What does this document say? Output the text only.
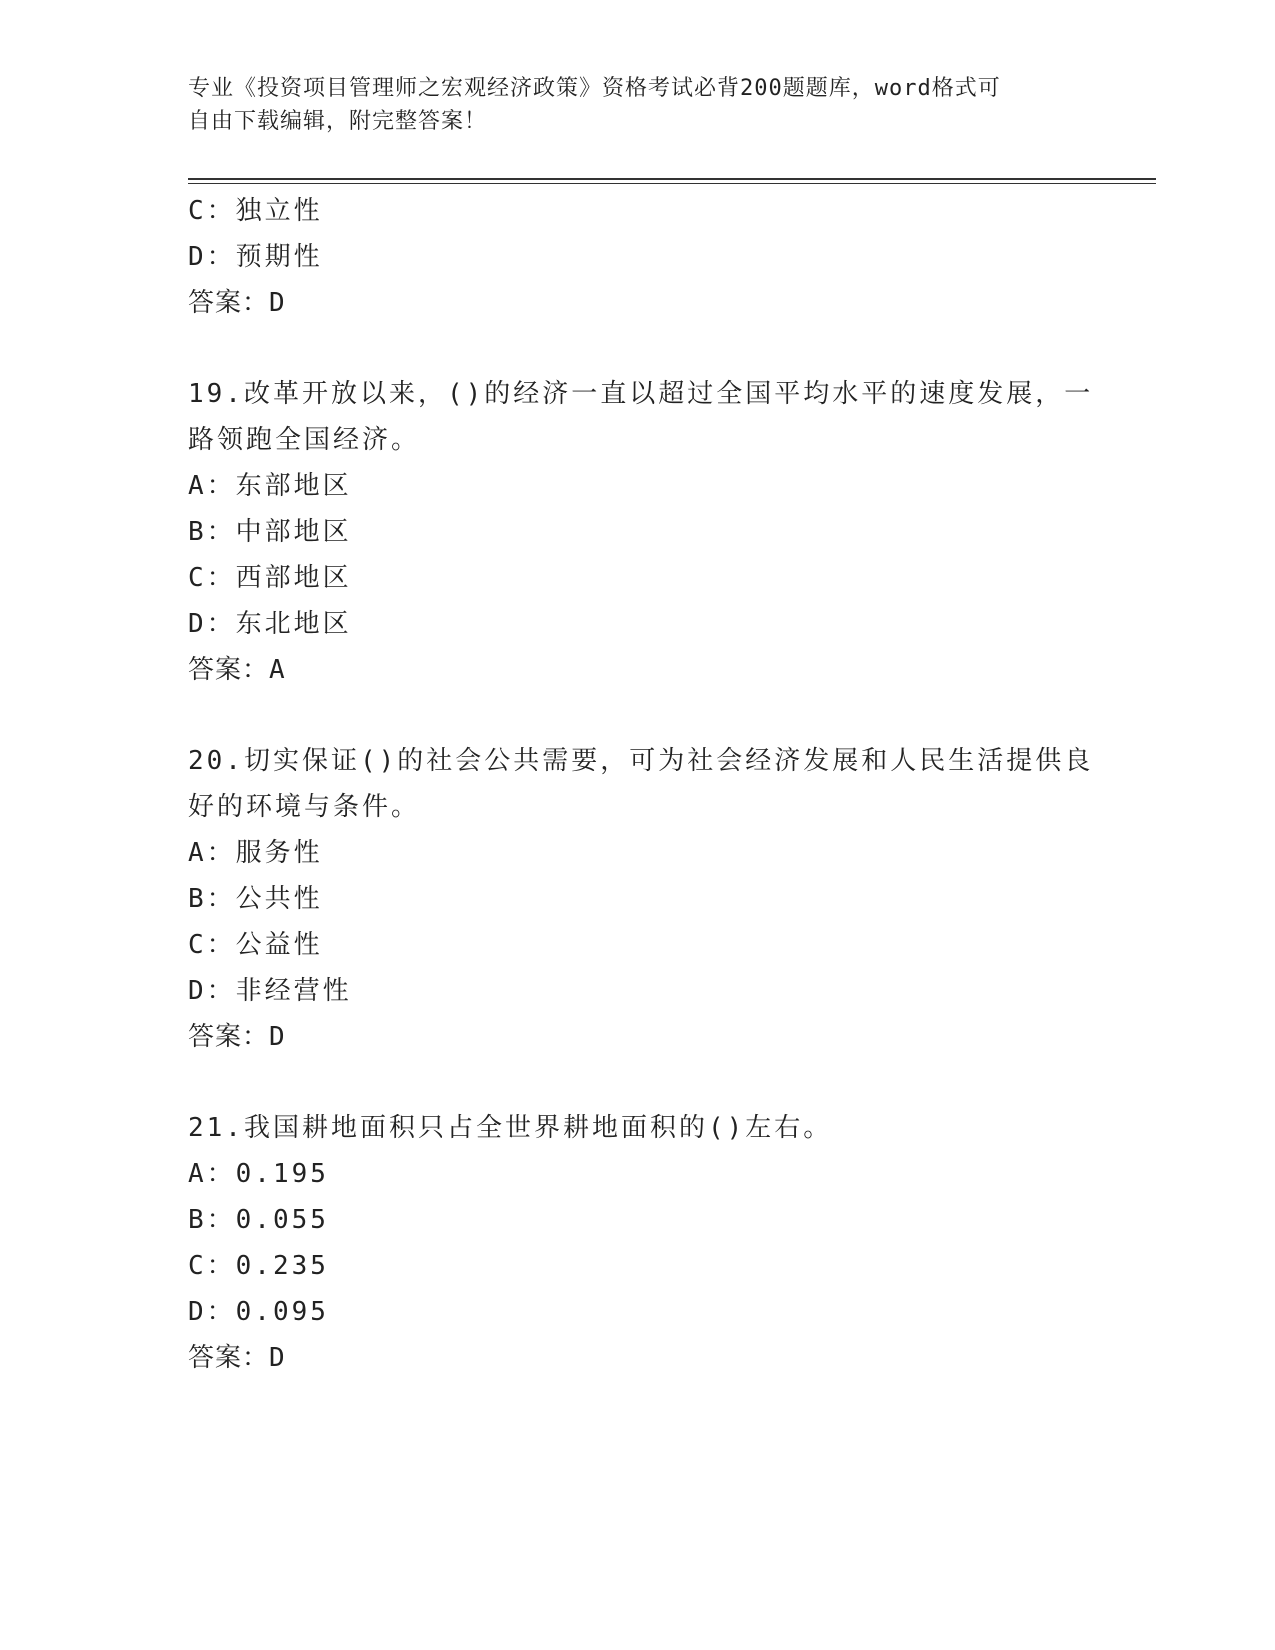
专业《投资项目管理师之宏观经济政策》资格考试必背200题题库，word格式可
自由下载编辑，附完整答案！
C：独立性
D：预期性
答案：D
19.改革开放以来，()的经济一直以超过全国平均水平的速度发展，一
路领跑全国经济。
A：东部地区
B：中部地区
C：西部地区
D：东北地区
答案：A
20.切实保证()的社会公共需要，可为社会经济发展和人民生活提供良
好的环境与条件。
A：服务性
B：公共性
C：公益性
D：非经营性
答案：D
21.我国耕地面积只占全世界耕地面积的()左右。
A：0.195
B：0.055
C：0.235
D：0.095
答案：D
